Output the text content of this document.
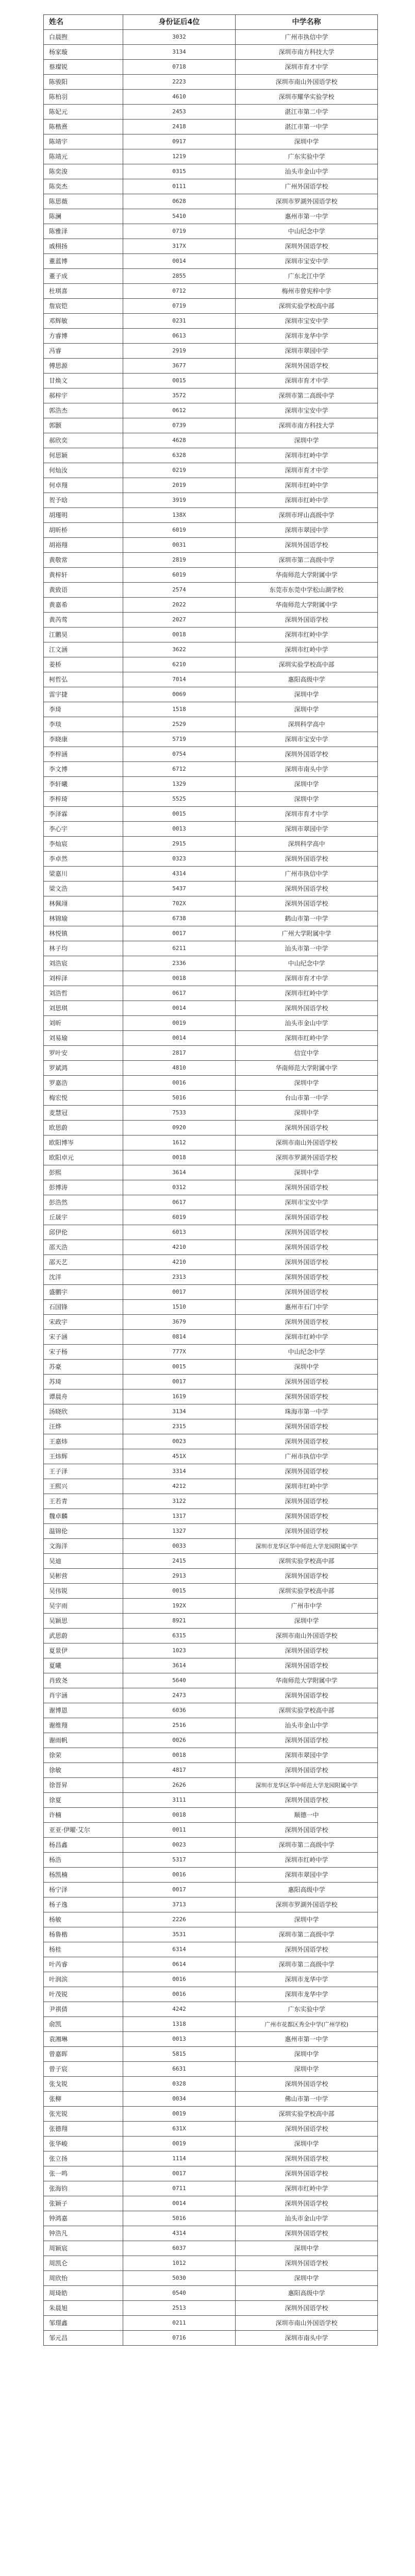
姓名	身份证后4位	中学名称
白晨煦	3032	广州市执信中学
杨家璇	3134	深圳市南方科技大学
蔡璨锐	0718	深圳市育才中学
陈骏阳	2223	深圳市南山外国语学校
陈柏羽	4610	深圳市耀华实验学校
陈妃元	2453	湛江市第二中学
陈楷熹	2418	湛江市第一中学
陈靖宇	0917	深圳中学
陈靖元	1219	广东实验中学
陈奕浚	0315	汕头市金山中学
陈奕杰	0111	广州外国语学校
陈思薇	0628	深圳市罗湖外国语学校
陈澜	5410	惠州市第一中学
陈雅泽	0719	中山纪念中学
戚栩扬	317X	深圳外国语学校
董蓝博	0014	深圳市宝安中学
董子成	2855	广东北江中学
杜琪喜	0712	梅州市曾宪梓中学
詹宸铠	0719	深圳实验学校高中部
邓辉敏	0231	深圳市宝安中学
方睿博	0613	深圳市龙华中学
冯睿	2919	深圳市翠园中学
傅思源	3677	深圳外国语学校
甘焕文	0015	深圳市育才中学
郝梓宇	3572	深圳市第二高级中学
郭浩杰	0612	深圳市宝安中学
郭颢	0739	深圳市南方科技大学
郝欣奕	4628	深圳中学
何思颖	6328	深圳市红岭中学
何灿汝	0219	深圳市育才中学
何卓翔	2019	深圳市红岭中学
贺予晗	3919	深圳市红岭中学
胡瑾明	138X	深圳市坪山高级中学
胡昕桥	6019	深圳市翠园中学
胡裕翔	0031	深圳外国语学校
黄敬常	2819	深圳市第二高级中学
黄梓轩	6019	华南师范大学附属中学
黄致语	2574	东莞市东莞中学松山湖学校
黄嘉希	2022	华南师范大学附属中学
黄芮莺	2027	深圳外国语学校
江鹏昊	0018	深圳市红岭中学
江文涵	3622	深圳市红岭中学
姜桥	6210	深圳实验学校高中部
柯哲弘	7014	惠阳高级中学
雷宇捷	0069	深圳中学
李琦	1518	深圳中学
李琰	2529	深圳科学高中
李晓康	5719	深圳市宝安中学
李梓涵	0754	深圳外国语学校
李文博	6712	深圳市南头中学
李轩曦	1329	深圳中学
李梓琦	5525	深圳中学
李泽霖	0015	深圳市育才中学
李心宇	0013	深圳市翠园中学
李灿宸	2915	深圳科学高中
李卓然	0323	深圳外国语学校
梁嘉川	4314	广州市执信中学
梁文浩	5437	深圳外国语学校
林佩翊	702X	深圳外国语学校
林锦瑜	6738	鹤山市第一中学
林悦镇	0017	广州大学附属中学
林子均	6211	汕头市第一中学
刘浩宸	2336	中山纪念中学
刘梓泽	0018	深圳市育才中学
刘浩哲	0617	深圳市红岭中学
刘思琪	0014	深圳外国语学校
刘昕	0019	汕头市金山中学
刘易瑜	0014	深圳市红岭中学
罗叶安	2817	信宜中学
罗斌鸿	4810	华南师范大学附属中学
罗嘉浩	0016	深圳中学
梅宏悦	5016	台山市第一中学
麦慧冠	7533	深圳中学
欧思蔚	0920	深圳外国语学校
欧阳博岑	1612	深圳市南山外国语学校
欧阳卓元	0018	深圳市罗湖外国语学校
彭熙	3614	深圳中学
彭博涛	0312	深圳外国语学校
彭浩然	0617	深圳市宝安中学
丘晟宇	6019	深圳外国语学校
邱伊伦	6013	深圳外国语学校
邵天浩	4210	深圳外国语学校
邵天艺	4210	深圳外国语学校
沈洋	2313	深圳外国语学校
盛鹏宇	0017	深圳外国语学校
石国锋	1510	惠州市石门中学
宋政宇	3679	深圳外国语学校
宋子涵	0814	深圳市红岭中学
宋子杨	777X	中山纪念中学
苏豪	0015	深圳中学
苏琦	0017	深圳外国语学校
谭晨舟	1619	深圳外国语学校
汤晓欣	3134	珠海市第一中学
汪烨	2315	深圳外国语学校
王嘉炜	0023	深圳外国语学校
王炜辉	451X	广州市执信中学
王子泽	3314	深圳外国语学校
王熙兴	4212	深圳市红岭中学
王若青	3122	深圳外国语学校
魏卓麟	1317	深圳外国语学校
温锦伦	1327	深圳外国语学校
文海洋	0033	深圳市龙华区华中师范大学龙园附属中学
吴迪	2415	深圳实验学校高中部
吴彬营	2913	深圳外国语学校
吴伟锐	0015	深圳实验学校高中部
吴宇雨	192X	广州市中学
吴颖思	8921	深圳中学
武思蔚	6315	深圳市南山外国语学校
夏景伊	1023	深圳外国语学校
夏曦	3614	深圳外国语学校
肖致尧	5640	华南师范大学附属中学
肖宇涵	2473	深圳外国语学校
谢博恩	6036	深圳实验学校高中部
谢维翔	2516	汕头市金山中学
谢雨帆	0026	深圳外国语学校
徐荣	0018	深圳市翠园中学
徐敏	4817	深圳外国语学校
徐晋昇	2626	深圳市龙华区华中师范大学龙园附属中学
徐夏	3111	深圳外国语学校
许楠	0018	顺德一中
亚亚·伊曜·艾尔	0011	深圳外国语学校
杨昌鑫	0023	深圳市第二高级中学
杨浩	5317	深圳市红岭中学
杨凯楠	0016	深圳市翠园中学
杨宁泽	0017	惠阳高级中学
杨子逸	3713	深圳市罗湖外国语学校
杨敏	2226	深圳中学
杨鲁楷	3531	深圳市第二高级中学
杨桂	6314	深圳外国语学校
叶芮睿	0614	深圳市第二高级中学
叶润滨	0016	深圳市龙华中学
叶茂锐	0016	深圳市龙华中学
尹祺倩	4242	广东实验中学
俞凯	1318	广州市花都区秀全中学(广州学校)
袁湘琳	0013	惠州市第一中学
曾嘉晖	5815	深圳中学
曾子宸	6631	深圳中学
张戈锐	0328	深圳外国语学校
张柳	0034	佛山市第一中学
张光锐	0019	深圳实验学校高中部
张德翔	631X	深圳外国语学校
张华峻	0019	深圳中学
张立扬	1114	深圳外国语学校
张一鸣	0017	深圳外国语学校
张海钧	0711	深圳市红岭中学
张颖子	0014	深圳外国语学校
钟鸿嘉	5016	汕头市金山中学
钟浩凡	4314	深圳外国语学校
周颖宸	6037	深圳中学
周凯仑	1012	深圳外国语学校
周欣怡	5030	深圳中学
周琦皓	0540	惠阳高级中学
朱晨旭	2513	深圳外国语学校
邹璟鑫	0211	深圳市南山外国语学校
邹元昌	0716	深圳市南头中学
